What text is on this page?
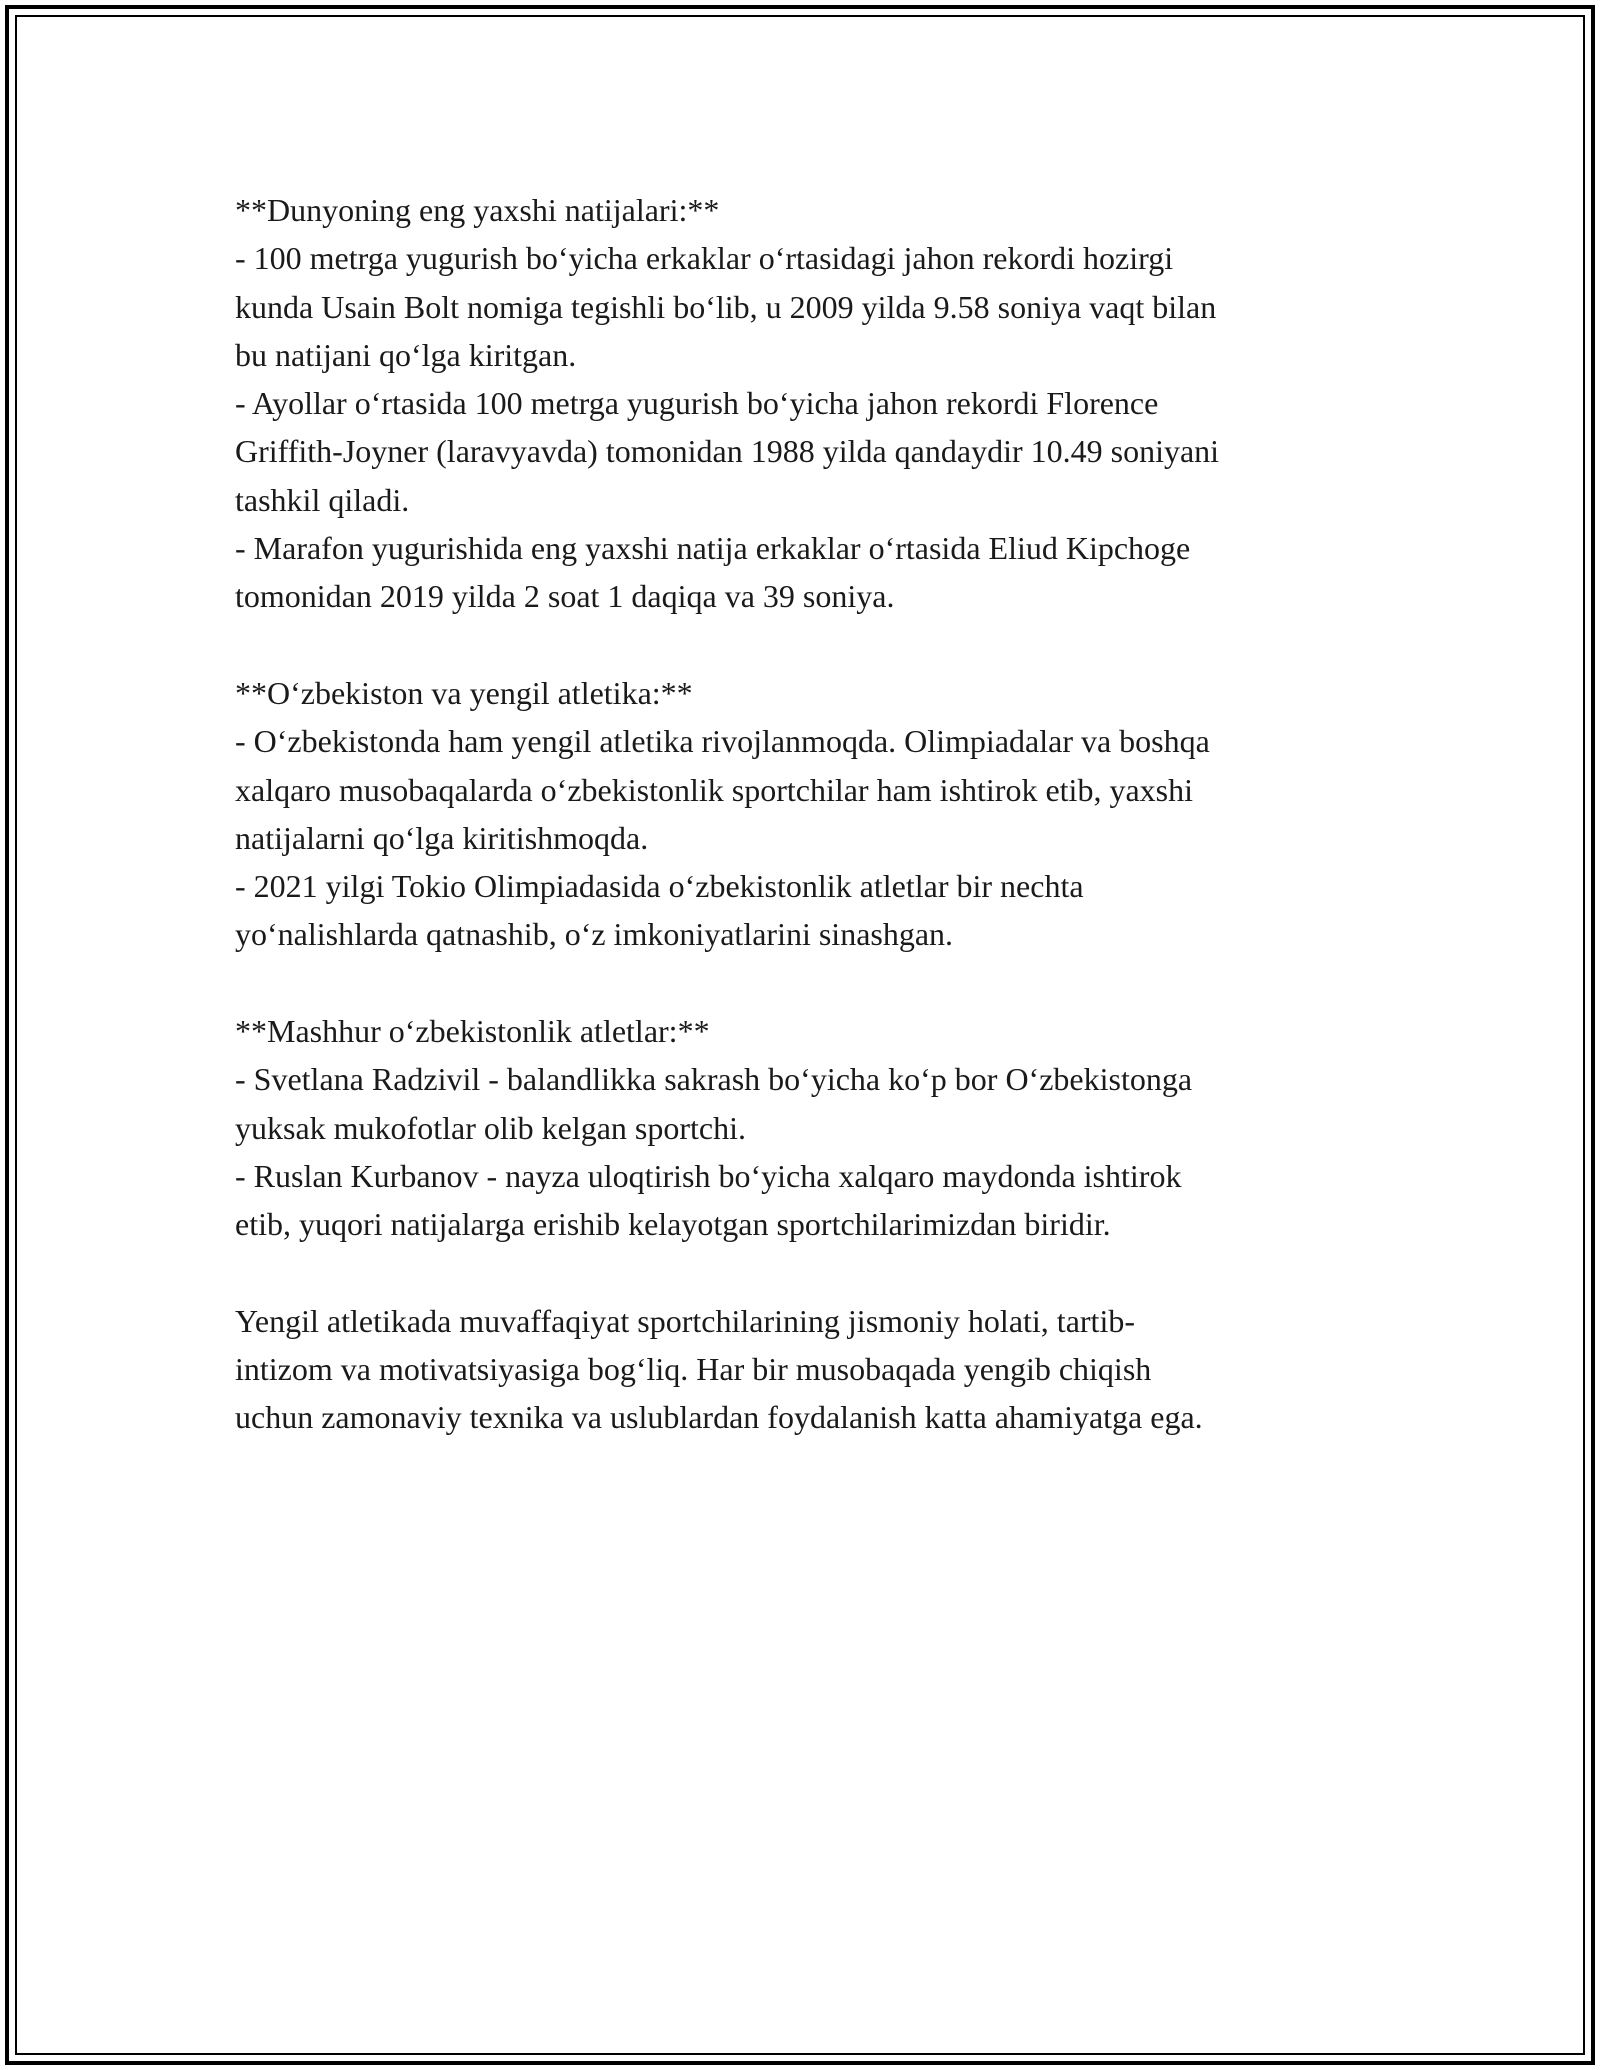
**Dunyoning eng yaxshi natijalari:**
- 100 metrga yugurish bo‘yicha erkaklar o‘rtasidagi jahon rekordi hozirgi
kunda Usain Bolt nomiga tegishli bo‘lib, u 2009 yilda 9.58 soniya vaqt bilan
bu natijani qo‘lga kiritgan.
- Ayollar o‘rtasida 100 metrga yugurish bo‘yicha jahon rekordi Florence
Griffith-Joyner (laravyavda) tomonidan 1988 yilda qandaydir 10.49 soniyani
tashkil qiladi.
- Marafon yugurishida eng yaxshi natija erkaklar o‘rtasida Eliud Kipchoge
tomonidan 2019 yilda 2 soat 1 daqiqa va 39 soniya.
**O‘zbekiston va yengil atletika:**
- O‘zbekistonda ham yengil atletika rivojlanmoqda. Olimpiadalar va boshqa
xalqaro musobaqalarda o‘zbekistonlik sportchilar ham ishtirok etib, yaxshi
natijalarni qo‘lga kiritishmoqda.
- 2021 yilgi Tokio Olimpiadasida o‘zbekistonlik atletlar bir nechta
yo‘nalishlarda qatnashib, o‘z imkoniyatlarini sinashgan.
**Mashhur o‘zbekistonlik atletlar:**
- Svetlana Radzivil - balandlikka sakrash bo‘yicha ko‘p bor O‘zbekistonga
yuksak mukofotlar olib kelgan sportchi.
- Ruslan Kurbanov - nayza uloqtirish bo‘yicha xalqaro maydonda ishtirok
etib, yuqori natijalarga erishib kelayotgan sportchilarimizdan biridir.
Yengil atletikada muvaffaqiyat sportchilarining jismoniy holati, tartib-
intizom va motivatsiyasiga bog‘liq. Har bir musobaqada yengib chiqish
uchun zamonaviy texnika va uslublardan foydalanish katta ahamiyatga ega.
